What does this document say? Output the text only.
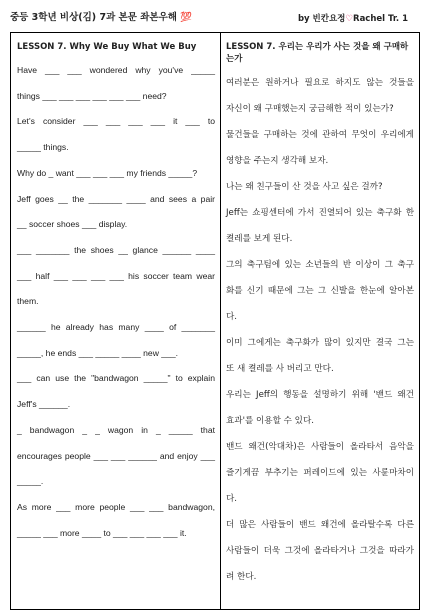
중등 3학년 비상(김) 7과 본문 좌본우해 💯	by 빈칸요정♡Rachel Tr. 1
LESSON 7. Why We Buy What We Buy
Have ___ ___ wondered why you've _____
things ___ ___ ___ ___ ___ ___ need?
Let's consider ___ ___ ___ ___ it ___ to
_____ things.
Why do _ want ___ ___ ___ my friends _____?
Jeff goes __ the _______ ____ and sees a pair
__ soccer shoes ___ display.
___ _______ the shoes __ glance ______ ____
___ half ___ ___ ___ ___ his soccer team wear
them.
______ he already has many ____ of _______
_____, he ends ___ _____ ____ new ___.
___ can use the "bandwagon _____" to explain
Jeff's ______.
_ bandwagon _ _ wagon in _ _____ that
encourages people ___ ___ ______ and enjoy ___
_____.
As more ___ more people ___ ___ bandwagon,
_____ ___ more ____ to ___ ___ ___ ___ it.
LESSON 7. 우리는 우리가 사는 것을 왜 구매하는가

여러분은 원하거나 필요로 하지도 않는 것들을
자신이 왜 구매했는지 궁금해한 적이 있는가?

물건들을 구매하는 것에 관하여 무엇이 우리에게
영향을 주는지 생각해 보자.

나는 왜 친구들이 산 것을 사고 싶은 걸까?

Jeff는 쇼핑센터에 가서 진열되어 있는 축구화 한
켤레를 보게 된다.

그의 축구팀에 있는 소년들의 반 이상이 그 축구
화를 신기 때문에 그는 그 신발을 한눈에 알아본
다.

이미 그에게는 축구화가 많이 있지만 결국 그는
또 새 켤레를 사 버리고 만다.

우리는 Jeff의 행동을 설명하기 위해 '밴드 왜건
효과'를 이용할 수 있다.

밴드 왜건(악대차)은 사람들이 올라타서 음악을
즐기게끔 부추기는 퍼레이드에 있는 사륜마차이
다.

더 많은 사람들이 밴드 왜건에 올라탈수록 다른
사람들이 더욱 그것에 올라타거나 그것을 따라가
려 한다.
